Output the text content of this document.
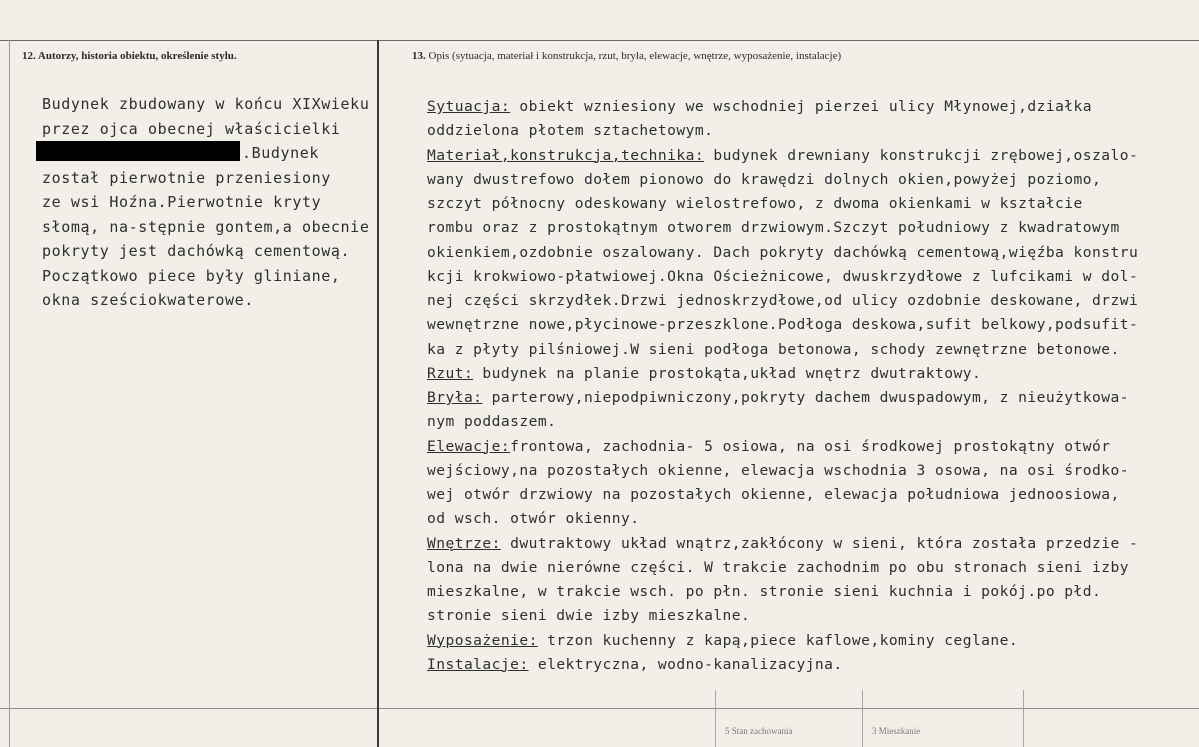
12. Autorzy, historia obiektu, określenie stylu.	13. Opis (sytuacja, materiał i konstrukcja, rzut, bryła, elewacje, wnętrze, wyposażenie, instalacje)
Budynek zbudowany w końcu XIXwieku
przez ojca obecnej właścicielki
.Budynek
został pierwotnie przeniesiony
ze wsi Hoźna.Pierwotnie kryty
słomą, na-stępnie gontem,a obecnie
pokryty jest dachówką cementową.
Początkowo piece były gliniane,
okna sześciokwaterowe.
Sytuacja: obiekt wzniesiony we wschodniej pierzei ulicy Młynowej,działka
oddzielona płotem sztachetowym.
Materiał,konstrukcja,technika: budynek drewniany konstrukcji zrębowej,oszalo-
wany dwustrefowo dołem pionowo do krawędzi dolnych okien,powyżej poziomo,
szczyt północny odeskowany wielostrefowo, z dwoma okienkami w kształcie
rombu oraz z prostokątnym otworem drzwiowym.Szczyt południowy z kwadratowym
okienkiem,ozdobnie oszalowany. Dach pokryty dachówką cementową,więźba konstru
kcji krokwiowo-płatwiowej.Okna Ościeżnicowe, dwuskrzydłowe z lufcikami w dol-
nej części skrzydłek.Drzwi jednoskrzydłowe,od ulicy ozdobnie deskowane, drzwi
wewnętrzne nowe,płycinowe-przeszklone.Podłoga deskowa,sufit belkowy,podsufit-
ka z płyty pilśniowej.W sieni podłoga betonowa, schody zewnętrzne betonowe.
Rzut: budynek na planie prostokąta,układ wnętrz dwutraktowy.
Bryła: parterowy,niepodpiwniczony,pokryty dachem dwuspadowym, z nieużytkowa-
nym poddaszem.
Elewacje:frontowa, zachodnia- 5 osiowa, na osi środkowej prostokątny otwór
wejściowy,na pozostałych okienne, elewacja wschodnia 3 osowa, na osi środko-
wej otwór drzwiowy na pozostałych okienne, elewacja południowa jednoosiowa,
od wsch. otwór okienny.
Wnętrze: dwutraktowy układ wnątrz,zakłócony w sieni, która została przedzie -
lona na dwie nierówne części. W trakcie zachodnim po obu stronach sieni izby
mieszkalne, w trakcie wsch. po płn. stronie sieni kuchnia i pokój.po płd.
stronie sieni dwie izby mieszkalne.
Wyposażenie: trzon kuchenny z kapą,piece kaflowe,kominy ceglane.
Instalacje: elektryczna, wodno-kanalizacyjna.
5 Stan zachowania	3 Mieszkanie
